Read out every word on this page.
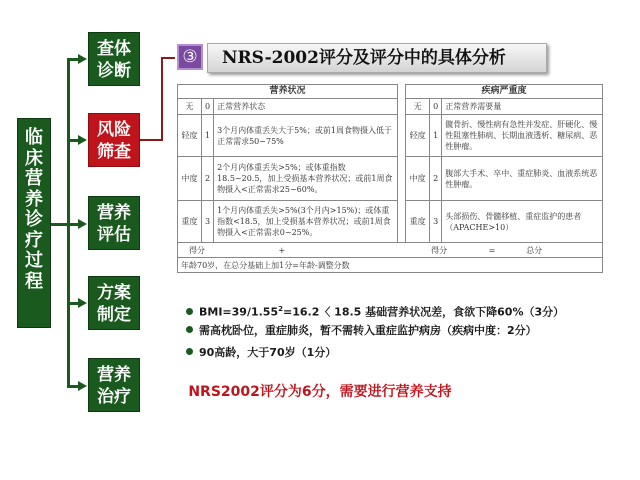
临床营养诊疗过程
查体
诊断
风险
筛查
营养
评估
方案
制定
营养
治疗
③	NRS-2002评分及评分中的具体分析
营养状况				疾病严重度		
无	0	正常营养状态		无	0	正常营养需要量
轻度	1	3个月内体重丢失大于5%；或前1周食物摄入低于正常需求50~75%		轻度	1	髋骨折、慢性病有急性并发症、肝硬化、慢性阻塞性肺病、长期血液透析、糖尿病、恶性肿瘤。
中度	2	2个月内体重丢失>5%；或体重指数18.5~20.5，加上受损基本营养状况；或前1周食物摄入<正常需求25~60%。		中度	2	腹部大手术、卒中、重症肺炎、血液系统恶性肿瘤。
重度	3	1个月内体重丢失>5%(3个月内>15%)；或体重指数<18.5，加上受损基本营养状况；或前1周食物摄入<正常需求0~25%。		重度	3	头部损伤、骨髓移植、重症监护的患者（APACHE>10）
得分 + 得分 = 总分						
年龄70岁，在总分基础上加1分=年龄-调整分数						
$BMI=39/1.55^2=16.2$〈 18.5 基础营养状况差，食欲下降60%（3分）
需高枕卧位，重症肺炎，暂不需转入重症监护病房（疾病中度：2分）
90高龄，大于70岁（1分）
NRS2002评分为6分，需要进行营养支持
